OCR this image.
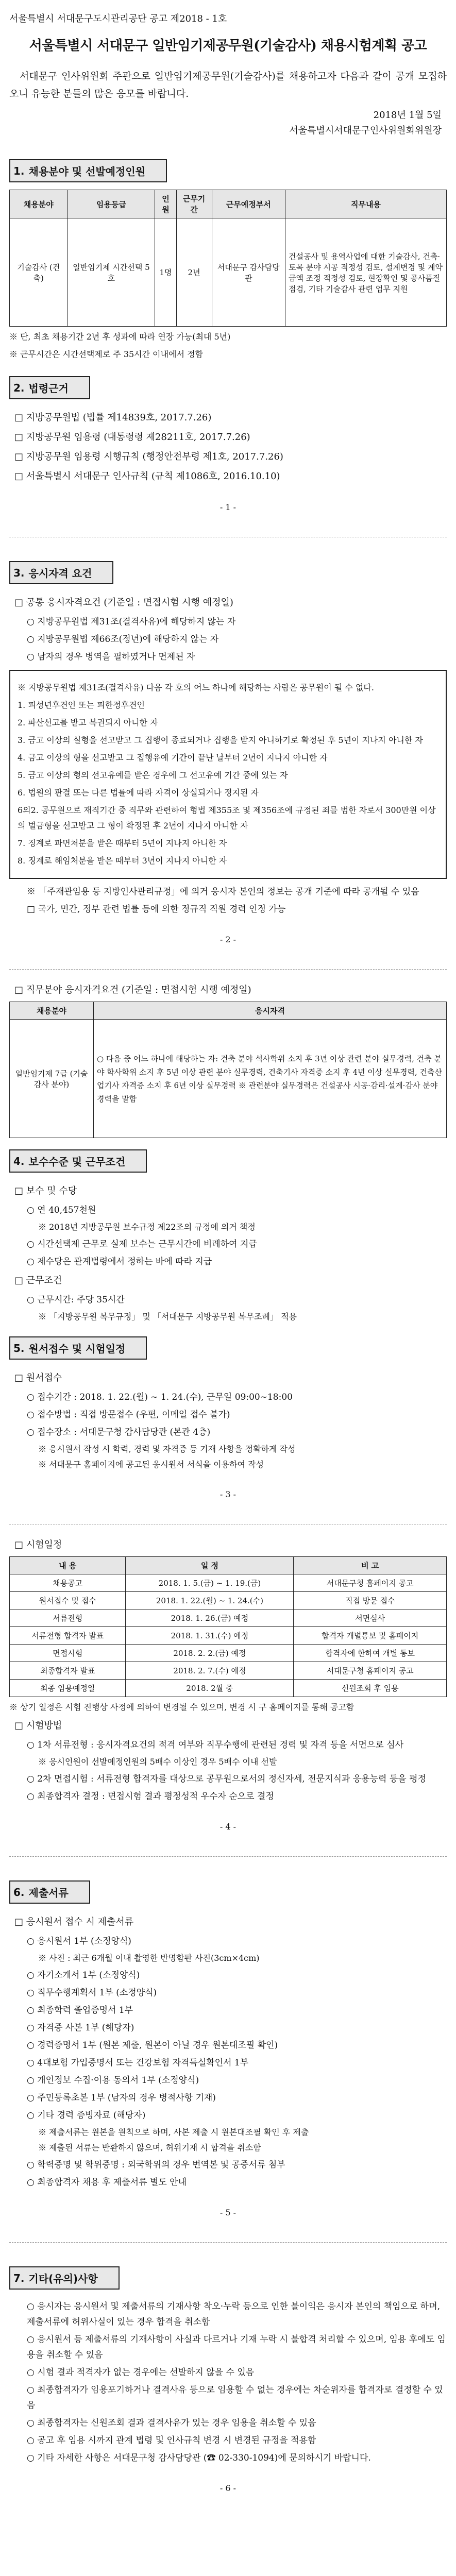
서울특별시 서대문구도시관리공단 공고 제2018 - 1호
서울특별시 서대문구 일반임기제공무원(기술감사) 채용시험계획 공고

서대문구 인사위원회 주관으로 일반임기제공무원(기술감사)를 채용하고자 다음과 같이 공개 모집하오니 유능한 분들의 많은 응모를 바랍니다.

2018년 1월 5일
서울특별시서대문구인사위원회위원장
1. 채용분야 및 선발예정인원
채용분야	임용등급	인원	근무기간	근무예정부서	직무내용
기술감사 (건축)	일반임기제 시간선택 5호	1명	2년	서대문구 감사담당관	건설공사 및 용역사업에 대한 기술감사, 건축·토목 분야 시공 적정성 검토, 설계변경 및 계약금액 조정 적정성 검토, 현장확인 및 공사품질 점검, 기타 기술감사 관련 업무 지원
※ 단, 최초 채용기간 2년 후 성과에 따라 연장 가능(최대 5년)
※ 근무시간은 시간선택제로 주 35시간 이내에서 정함
2. 법령근거
□ 지방공무원법 (법률 제14839호, 2017.7.26)
□ 지방공무원 임용령 (대통령령 제28211호, 2017.7.26)
□ 지방공무원 임용령 시행규칙 (행정안전부령 제1호, 2017.7.26)
□ 서울특별시 서대문구 인사규칙 (규칙 제1086호, 2016.10.10)
- 1 -
3. 응시자격 요건
□ 공통 응시자격요건 (기준일 : 면접시험 시행 예정일)
○ 지방공무원법 제31조(결격사유)에 해당하지 않는 자
○ 지방공무원법 제66조(정년)에 해당하지 않는 자
○ 남자의 경우 병역을 필하였거나 면제된 자

※ 지방공무원법 제31조(결격사유) 다음 각 호의 어느 하나에 해당하는 사람은 공무원이 될 수 없다.

1. 피성년후견인 또는 피한정후견인

2. 파산선고를 받고 복권되지 아니한 자

3. 금고 이상의 실형을 선고받고 그 집행이 종료되거나 집행을 받지 아니하기로 확정된 후 5년이 지나지 아니한 자

4. 금고 이상의 형을 선고받고 그 집행유예 기간이 끝난 날부터 2년이 지나지 아니한 자

5. 금고 이상의 형의 선고유예를 받은 경우에 그 선고유예 기간 중에 있는 자

6. 법원의 판결 또는 다른 법률에 따라 자격이 상실되거나 정지된 자

6의2. 공무원으로 재직기간 중 직무와 관련하여 형법 제355조 및 제356조에 규정된 죄를 범한 자로서 300만원 이상의 벌금형을 선고받고 그 형이 확정된 후 2년이 지나지 아니한 자

7. 징계로 파면처분을 받은 때부터 5년이 지나지 아니한 자

8. 징계로 해임처분을 받은 때부터 3년이 지나지 아니한 자

※ 「주재관임용 등 지방인사관리규정」에 의거 응시자 본인의 정보는 공개 기준에 따라 공개될 수 있음
□ 국가, 민간, 정부 관련 법률 등에 의한 정규직 직원 경력 인정 가능
- 2 -
□ 직무분야 응시자격요건 (기준일 : 면접시험 시행 예정일)
채용분야	응시자격
일반임기제 7급 (기술감사 분야)	○ 다음 중 어느 하나에 해당하는 자: 건축 분야 석사학위 소지 후 3년 이상 관련 분야 실무경력, 건축 분야 학사학위 소지 후 5년 이상 관련 분야 실무경력, 건축기사 자격증 소지 후 4년 이상 실무경력, 건축산업기사 자격증 소지 후 6년 이상 실무경력 ※ 관련분야 실무경력은 건설공사 시공·감리·설계·감사 분야 경력을 말함
4. 보수수준 및 근무조건
□ 보수 및 수당
○ 연 40,457천원
※ 2018년 지방공무원 보수규정 제22조의 규정에 의거 책정
○ 시간선택제 근무로 실제 보수는 근무시간에 비례하여 지급
○ 제수당은 관계법령에서 정하는 바에 따라 지급
□ 근무조건
○ 근무시간: 주당 35시간
※ 「지방공무원 복무규정」 및 「서대문구 지방공무원 복무조례」 적용
5. 원서접수 및 시험일정
□ 원서접수
○ 접수기간 : 2018. 1. 22.(월) ~ 1. 24.(수), 근무일 09:00~18:00
○ 접수방법 : 직접 방문접수 (우편, 이메일 접수 불가)
○ 접수장소 : 서대문구청 감사담당관 (본관 4층)
※ 응시원서 작성 시 학력, 경력 및 자격증 등 기재 사항을 정확하게 작성
※ 서대문구 홈페이지에 공고된 응시원서 서식을 이용하여 작성
- 3 -
□ 시험일정
내 용	일 정	비 고
채용공고	2018. 1. 5.(금) ~ 1. 19.(금)	서대문구청 홈페이지 공고
원서접수 및 접수	2018. 1. 22.(월) ~ 1. 24.(수)	직접 방문 접수
서류전형	2018. 1. 26.(금) 예정	서면심사
서류전형 합격자 발표	2018. 1. 31.(수) 예정	합격자 개별통보 및 홈페이지
면접시험	2018. 2. 2.(금) 예정	합격자에 한하여 개별 통보
최종합격자 발표	2018. 2. 7.(수) 예정	서대문구청 홈페이지 공고
최종 임용예정일	2018. 2월 중	신원조회 후 임용
※ 상기 일정은 시험 진행상 사정에 의하여 변경될 수 있으며, 변경 시 구 홈페이지를 통해 공고함
□ 시험방법
○ 1차 서류전형 : 응시자격요건의 적격 여부와 직무수행에 관련된 경력 및 자격 등을 서면으로 심사
※ 응시인원이 선발예정인원의 5배수 이상인 경우 5배수 이내 선발
○ 2차 면접시험 : 서류전형 합격자를 대상으로 공무원으로서의 정신자세, 전문지식과 응용능력 등을 평정
○ 최종합격자 결정 : 면접시험 결과 평정성적 우수자 순으로 결정
- 4 -
6. 제출서류
□ 응시원서 접수 시 제출서류
○ 응시원서 1부 (소정양식)
※ 사진 : 최근 6개월 이내 촬영한 반명함판 사진(3cm×4cm)
○ 자기소개서 1부 (소정양식)
○ 직무수행계획서 1부 (소정양식)
○ 최종학력 졸업증명서 1부
○ 자격증 사본 1부 (해당자)
○ 경력증명서 1부 (원본 제출, 원본이 아닐 경우 원본대조필 확인)
○ 4대보험 가입증명서 또는 건강보험 자격득실확인서 1부
○ 개인정보 수집·이용 동의서 1부 (소정양식)
○ 주민등록초본 1부 (남자의 경우 병적사항 기재)
○ 기타 경력 증빙자료 (해당자)
※ 제출서류는 원본을 원칙으로 하며, 사본 제출 시 원본대조필 확인 후 제출
※ 제출된 서류는 반환하지 않으며, 허위기재 시 합격을 취소함
○ 학력증명 및 학위증명 : 외국학위의 경우 번역본 및 공증서류 첨부
○ 최종합격자 채용 후 제출서류 별도 안내
- 5 -
7. 기타(유의)사항
○ 응시자는 응시원서 및 제출서류의 기재사항 착오·누락 등으로 인한 불이익은 응시자 본인의 책임으로 하며, 제출서류에 허위사실이 있는 경우 합격을 취소함
○ 응시원서 등 제출서류의 기재사항이 사실과 다르거나 기재 누락 시 불합격 처리할 수 있으며, 임용 후에도 임용을 취소할 수 있음
○ 시험 결과 적격자가 없는 경우에는 선발하지 않을 수 있음
○ 최종합격자가 임용포기하거나 결격사유 등으로 임용할 수 없는 경우에는 차순위자를 합격자로 결정할 수 있음
○ 최종합격자는 신원조회 결과 결격사유가 있는 경우 임용을 취소할 수 있음
○ 공고 후 임용 시까지 관계 법령 및 인사규칙 변경 시 변경된 규정을 적용함
○ 기타 자세한 사항은 서대문구청 감사담당관 (☎ 02-330-1094)에 문의하시기 바랍니다.
- 6 -
